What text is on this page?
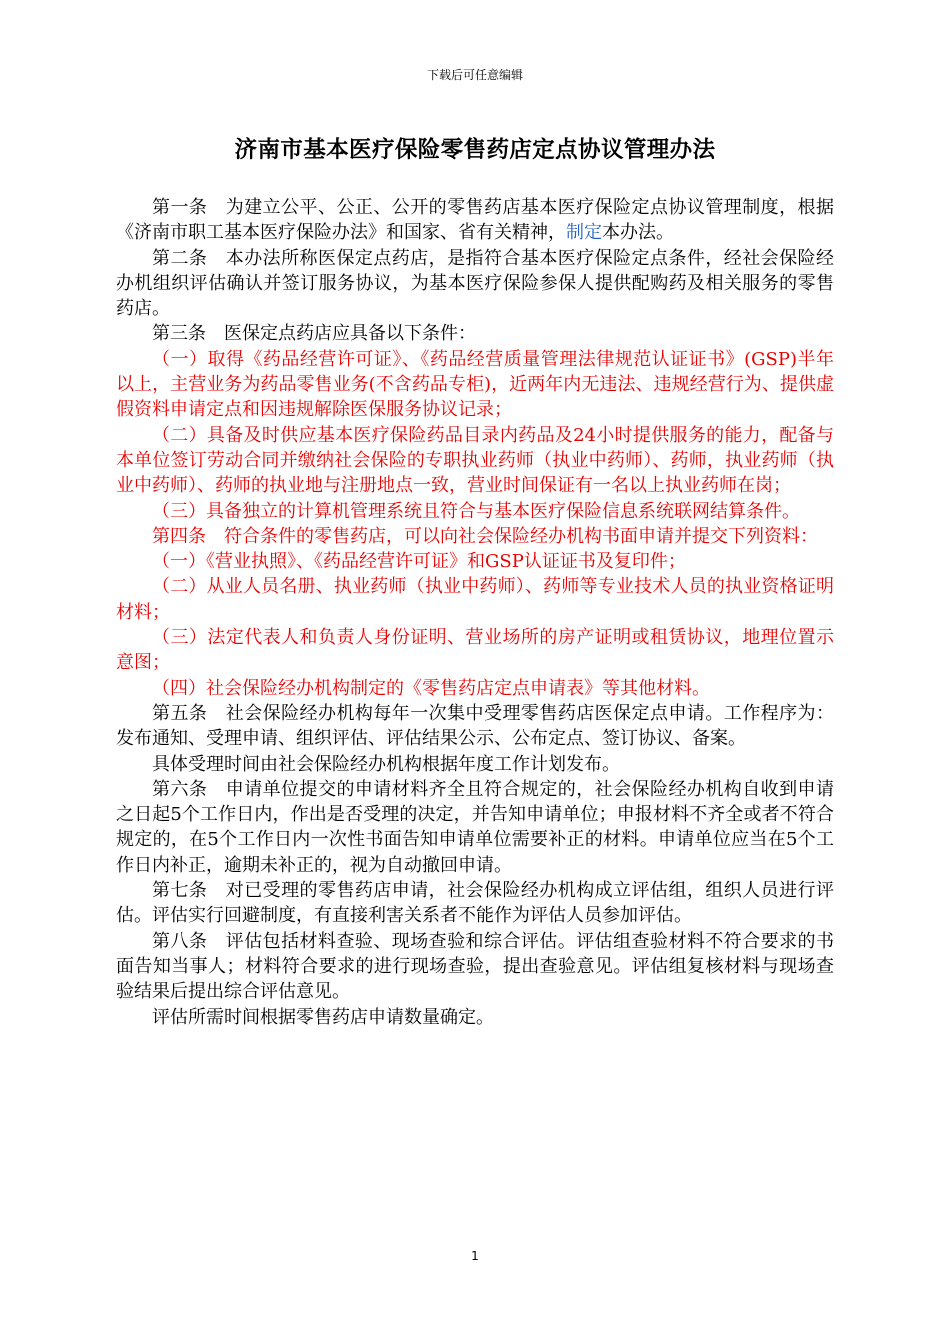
下载后可任意编辑
济南市基本医疗保险零售药店定点协议管理办法

第一条　为建立公平、公正、公开的零售药店基本医疗保险定点协议管理制度，根据《济南市职工基本医疗保险办法》和国家、省有关精神，制定本办法。

第二条　本办法所称医保定点药店，是指符合基本医疗保险定点条件，经社会保险经办机组织评估确认并签订服务协议，为基本医疗保险参保人提供配购药及相关服务的零售药店。

第三条　医保定点药店应具备以下条件：

（一）取得《药品经营许可证》、《药品经营质量管理法律规范认证证书》(GSP)半年以上，主营业务为药品零售业务(不含药品专柜)，近两年内无违法、违规经营行为、提供虚假资料申请定点和因违规解除医保服务协议记录；

（二）具备及时供应基本医疗保险药品目录内药品及24小时提供服务的能力，配备与本单位签订劳动合同并缴纳社会保险的专职执业药师（执业中药师）、药师，执业药师（执业中药师）、药师的执业地与注册地点一致，营业时间保证有一名以上执业药师在岗；

（三）具备独立的计算机管理系统且符合与基本医疗保险信息系统联网结算条件。

第四条　符合条件的零售药店，可以向社会保险经办机构书面申请并提交下列资料：

（一）《营业执照》、《药品经营许可证》和GSP认证证书及复印件；

（二）从业人员名册、执业药师（执业中药师）、药师等专业技术人员的执业资格证明材料；

（三）法定代表人和负责人身份证明、营业场所的房产证明或租赁协议，地理位置示意图；

（四）社会保险经办机构制定的《零售药店定点申请表》等其他材料。

第五条　社会保险经办机构每年一次集中受理零售药店医保定点申请。工作程序为：发布通知、受理申请、组织评估、评估结果公示、公布定点、签订协议、备案。

具体受理时间由社会保险经办机构根据年度工作计划发布。

第六条　申请单位提交的申请材料齐全且符合规定的，社会保险经办机构自收到申请之日起5个工作日内，作出是否受理的决定，并告知申请单位；申报材料不齐全或者不符合规定的，在5个工作日内一次性书面告知申请单位需要补正的材料。申请单位应当在5个工作日内补正，逾期未补正的，视为自动撤回申请。

第七条　对已受理的零售药店申请，社会保险经办机构成立评估组，组织人员进行评估。评估实行回避制度，有直接利害关系者不能作为评估人员参加评估。

第八条　评估包括材料查验、现场查验和综合评估。评估组查验材料不符合要求的书面告知当事人；材料符合要求的进行现场查验，提出查验意见。评估组复核材料与现场查验结果后提出综合评估意见。

评估所需时间根据零售药店申请数量确定。

1
